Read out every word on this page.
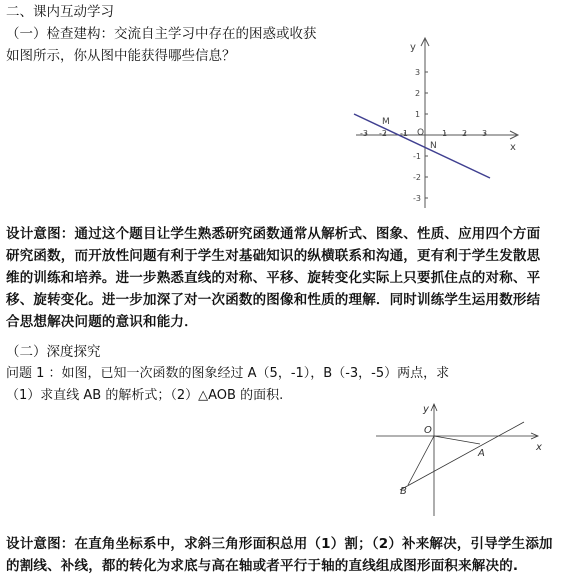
二、课内互动学习
（一）检查建构：交流自主学习中存在的困惑或收获
如图所示，你从图中能获得哪些信息？
-3 -2 -1	1 2 3
3
2
1
-1
-2
-3
x
y
O
M
N
设计意图：通过这个题目让学生熟悉研究函数通常从解析式、图象、性质、应用四个方面
研究函数，而开放性问题有利于学生对基础知识的纵横联系和沟通，更有利于学生发散思
维的训练和培养。进一步熟悉直线的对称、平移、旋转变化实际上只要抓住点的对称、平
移、旋转变化。进一步加深了对一次函数的图像和性质的理解．同时训练学生运用数形结
合思想解决问题的意识和能力．
（二）深度探究
问题 1 ：如图，已知一次函数的图象经过 A（5，-1），B（-3，-5）两点，求
（1）求直线 AB 的解析式；（2）△AOB 的面积.
y
x
O
A
B
设计意图：在直角坐标系中，求斜三角形面积总用（1）割；（2）补来解决，引导学生添加
的割线、补线，都的转化为求底与高在轴或者平行于轴的直线组成图形面积来解决的.
